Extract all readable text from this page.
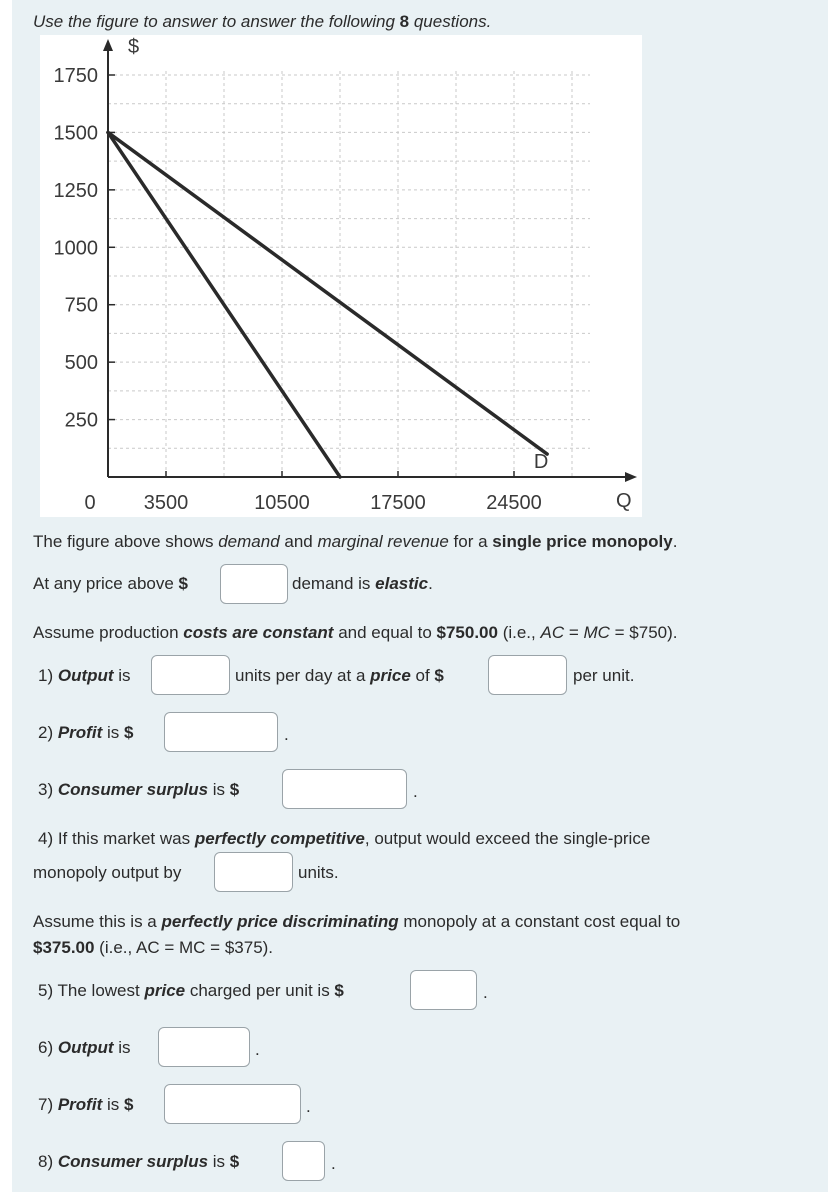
Use the figure to answer to answer the following 8 questions.
250
500
750
1000
1250
1500
1750
0 3500	10500	17500	24500
D
$
Q
The figure above shows demand and marginal revenue for a single price monopoly.
At any price above $	demand is elastic.
Assume production costs are constant and equal to $750.00 (i.e., AC = MC = $750).
1) Output is	units per day at a price of $	per unit.
2) Profit is $	.
3) Consumer surplus is $	.
4) If this market was perfectly competitive, output would exceed the single-price
monopoly output by	units.
Assume this is a perfectly price discriminating monopoly at a constant cost equal to
$375.00 (i.e., AC = MC = $375).
5) The lowest price charged per unit is $	.
6) Output is	.
7) Profit is $	.
8) Consumer surplus is $	.
